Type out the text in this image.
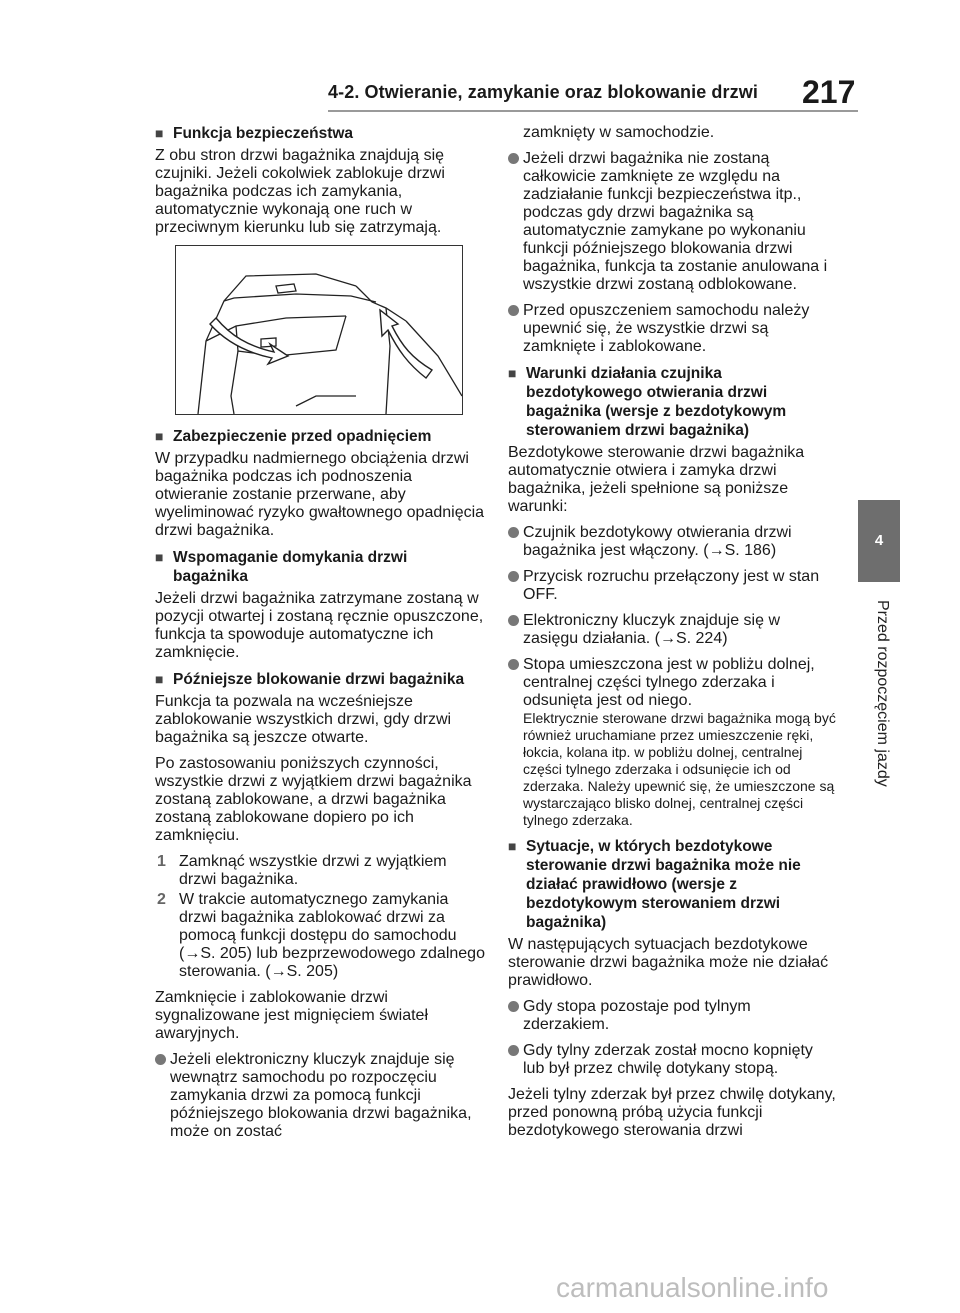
4-2. Otwieranie, zamykanie oraz blokowanie drzwi 217
4
Przed rozpoczęciem jazdy
■ Funkcja bezpieczeństwa
Z obu stron drzwi bagażnika znajdują się czujniki. Jeżeli cokolwiek zablokuje drzwi bagażnika podczas ich zamykania, automatycznie wykonają one ruch w przeciwnym kierunku lub się zatrzymają.
■ Zabezpieczenie przed opadnięciem
W przypadku nadmiernego obciążenia drzwi bagażnika podczas ich podnoszenia otwieranie zostanie przerwane, aby wyeliminować ryzyko gwałtownego opadnięcia drzwi bagażnika.
■ Wspomaganie domykania drzwi bagażnika
Jeżeli drzwi bagażnika zatrzymane zostaną w pozycji otwartej i zostaną ręcznie opuszczone, funkcja ta spowoduje automatyczne ich zamknięcie.
■ Późniejsze blokowanie drzwi bagażnika
Funkcja ta pozwala na wcześniejsze zablokowanie wszystkich drzwi, gdy drzwi bagażnika są jeszcze otwarte.
Po zastosowaniu poniższych czynności, wszystkie drzwi z wyjątkiem drzwi bagażnika zostaną zablokowane, a drzwi bagażnika zostaną zablokowane dopiero po ich zamknięciu.
1 Zamknąć wszystkie drzwi z wyjątkiem drzwi bagażnika.
2 W trakcie automatycznego zamykania drzwi bagażnika zablokować drzwi za pomocą funkcji dostępu do samochodu (→S. 205) lub bezprzewodowego zdalnego sterowania. (→S. 205)
Zamknięcie i zablokowanie drzwi sygnalizowane jest mignięciem świateł awaryjnych.
Jeżeli elektroniczny kluczyk znajduje się wewnątrz samochodu po rozpoczęciu zamykania drzwi za pomocą funkcji późniejszego blokowania drzwi bagażnika, może on zostać
zamknięty w samochodzie.
Jeżeli drzwi bagażnika nie zostaną całkowicie zamknięte ze względu na zadziałanie funkcji bezpieczeństwa itp., podczas gdy drzwi bagażnika są automatycznie zamykane po wykonaniu funkcji późniejszego blokowania drzwi bagażnika, funkcja ta zostanie anulowana i wszystkie drzwi zostaną odblokowane.
Przed opuszczeniem samochodu należy upewnić się, że wszystkie drzwi są zamknięte i zablokowane.
■ Warunki działania czujnika bezdotykowego otwierania drzwi bagażnika (wersje z bezdotykowym sterowaniem drzwi bagażnika)
Bezdotykowe sterowanie drzwi bagażnika automatycznie otwiera i zamyka drzwi bagażnika, jeżeli spełnione są poniższe warunki:
Czujnik bezdotykowy otwierania drzwi bagażnika jest włączony. (→S. 186)
Przycisk rozruchu przełączony jest w stan OFF.
Elektroniczny kluczyk znajduje się w zasięgu działania. (→S. 224)
Stopa umieszczona jest w pobliżu dolnej, centralnej części tylnego zderzaka i odsunięta jest od niego.
Elektrycznie sterowane drzwi bagażnika mogą być również uruchamiane przez umieszczenie ręki, łokcia, kolana itp. w pobliżu dolnej, centralnej części tylnego zderzaka i odsunięcie ich od zderzaka. Należy upewnić się, że umieszczone są wystarczająco blisko dolnej, centralnej części tylnego zderzaka.
■ Sytuacje, w których bezdotykowe sterowanie drzwi bagażnika może nie działać prawidłowo (wersje z bezdotykowym sterowaniem drzwi bagażnika)
W następujących sytuacjach bezdotykowe sterowanie drzwi bagażnika może nie działać prawidłowo.
Gdy stopa pozostaje pod tylnym zderzakiem.
Gdy tylny zderzak został mocno kopnięty lub był przez chwilę dotykany stopą.
Jeżeli tylny zderzak był przez chwilę dotykany, przed ponowną próbą użycia funkcji bezdotykowego sterowania drzwi
carmanualsonline.info
